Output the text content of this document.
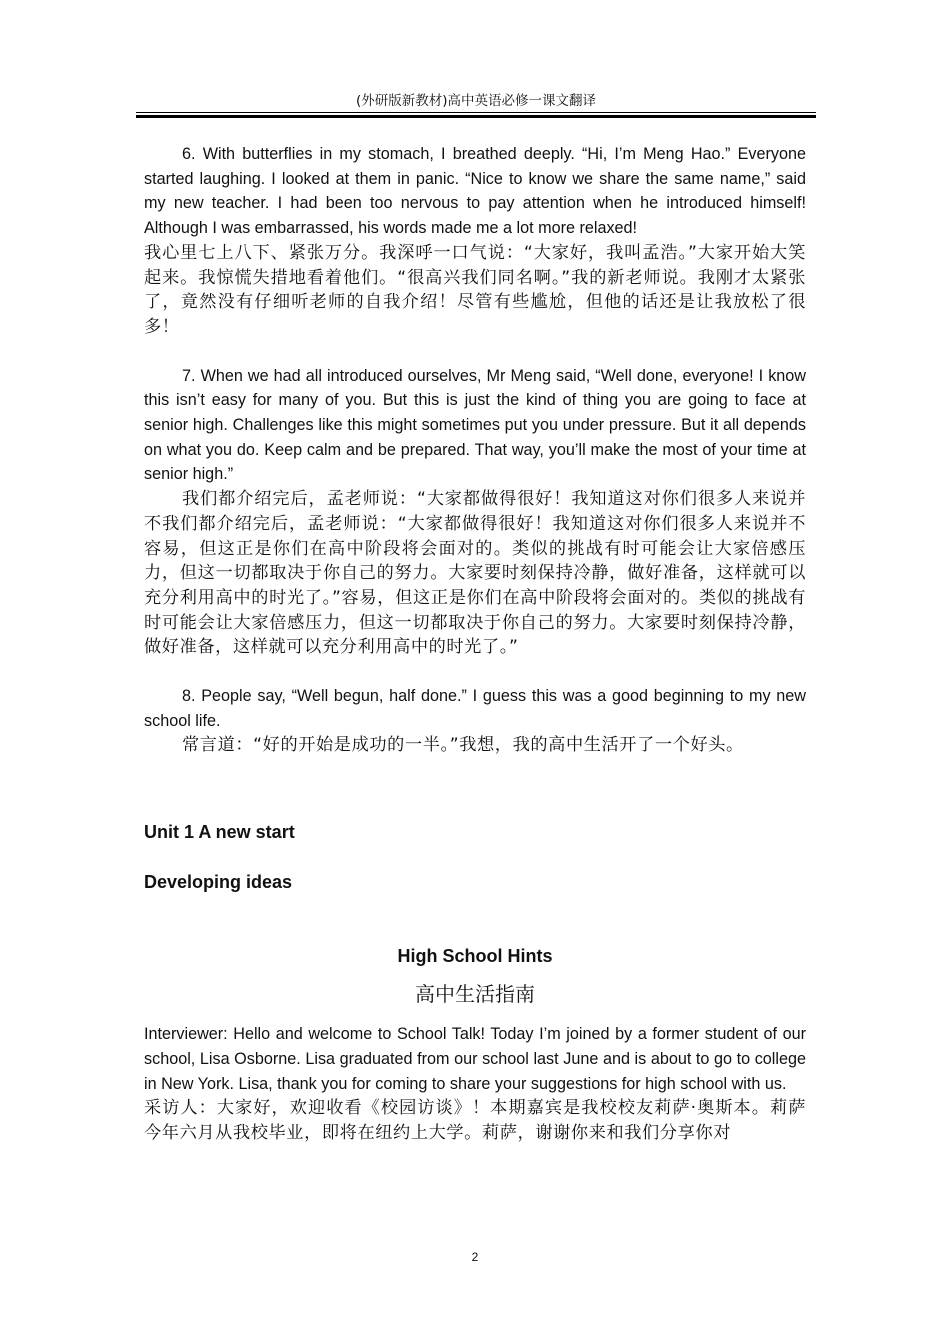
(外研版新教材)高中英语必修一课文翻译

6. With butterflies in my stomach, I breathed deeply. “Hi, I’m Meng Hao.” Everyone started laughing. I looked at them in panic. “Nice to know we share the same name,” said my new teacher. I had been too nervous to pay attention when he introduced himself! Although I was embarrassed, his words made me a lot more relaxed!

我心里七上八下、紧张万分。我深呼一口气说：“大家好，我叫孟浩。”大家开始大笑起来。我惊慌失措地看着他们。“很高兴我们同名啊。”我的新老师说。我刚才太紧张了，竟然没有仔细听老师的自我介绍！尽管有些尴尬，但他的话还是让我放松了很多！

7. When we had all introduced ourselves, Mr Meng said, “Well done, everyone! I know this isn’t easy for many of you. But this is just the kind of thing you are going to face at senior high. Challenges like this might sometimes put you under pressure. But it all depends on what you do. Keep calm and be prepared. That way, you’ll make the most of your time at senior high.”

我们都介绍完后，孟老师说：“大家都做得很好！我知道这对你们很多人来说并不我们都介绍完后，孟老师说：“大家都做得很好！我知道这对你们很多人来说并不容易，但这正是你们在高中阶段将会面对的。类似的挑战有时可能会让大家倍感压力，但这一切都取决于你自己的努力。大家要时刻保持冷静，做好准备，这样就可以充分利用高中的时光了。”容易，但这正是你们在高中阶段将会面对的。类似的挑战有时可能会让大家倍感压力，但这一切都取决于你自己的努力。大家要时刻保持冷静，做好准备，这样就可以充分利用高中的时光了。”

8. People say, “Well begun, half done.” I guess this was a good beginning to my new school life.

常言道：“好的开始是成功的一半。”我想，我的高中生活开了一个好头。

Unit 1 A new start

Developing ideas

High School Hints

高中生活指南

Interviewer: Hello and welcome to School Talk! Today I’m joined by a former student of our school, Lisa Osborne. Lisa graduated from our school last June and is about to go to college in New York. Lisa, thank you for coming to share your suggestions for high school with us.

采访人：大家好，欢迎收看《校园访谈》！本期嘉宾是我校校友莉萨·奥斯本。莉萨今年六月从我校毕业，即将在纽约上大学。莉萨，谢谢你来和我们分享你对

2
